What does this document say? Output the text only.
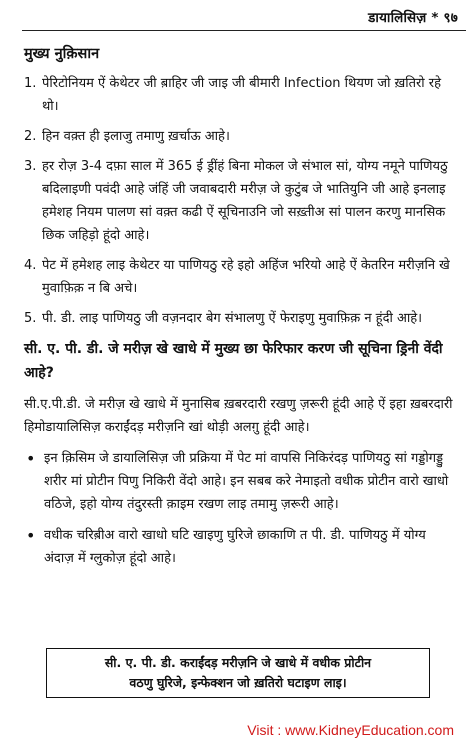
डायालिसिज़ * ९७
मुख्य नुक़िसान
1. पेरिटोनियम ऐं केथेटर जी ब़ाहिर जी जाइ जी बीमारी Infection थियण जो ख़तिरो रहे थो।
2. हिन वक़्त ही इलाजु तमाणु ख़र्चाऊ आहे।
3. हर रोज़ 3-4 दफ़ा साल में 365 ई ड्रींहं बिना मोकल जे संभाल सां, योग्य नमूने पाणियठु बदिलाइणी पवंदी आहे जंहिं जी जवाबदारी मरीज़ जे कुटुंब जे भातियुनि जी आहे इनलाइ हमेशह नियम पालण सां वक़्त कढी ऐं सूचिनाउनि जो सख़्तीअ सां पालन करणु मानसिक छिक जहिड़ो हूंदो आहे।
4. पेट में हमेशह लाइ केथेटर या पाणियठु रहे इहो अहिंज भरियो आहे ऐं केतरिन मरीज़नि खे मुवाफ़िक़ न बि अचे।
5. पी. डी. लाइ पाणियठु जी वज़नदार बेग संभालणु ऐं फेराइणु मुवाफ़िक़ न हूंदी आहे।
सी. ए. पी. डी. जे मरीज़ खे खाधे में मुख्य छा फेरिफार करण जी सूचिना ड्रिनी वेंदी आहे?

सी.ए.पी.डी. जे मरीज़ खे खाधे में मुनासिब ख़बरदारी रखणु ज़रूरी हूंदी आहे ऐं इहा ख़बरदारी हिमोडायालिसिज़ कराईंदड़ मरीज़नि खां थोड़ी अलग़ु हूंदी आहे।

• इन क़िसिम जे डायालिसिज़ जी प्रक्रिया में पेट मां वापसि निकिरंदड़ पाणियठु सां गड्डोगड्डु शरीर मां प्रोटीन पिणु निकिरी वेंदो आहे। इन सबब करे नेमाइतो वधीक प्रोटीन वारो खाधो वठिजे, इहो योग्य तंदुरस्ती क़ाइम रखण लाइ तमामु ज़रूरी आहे।
• वधीक चरिब़ीअ वारो खाधो घटि खाइणु घुरिजे छाकाणि त पी. डी. पाणियठु में योग्य अंदाज़ में ग्लुकोज़ हूंदो आहे।
सी. ए. पी. डी. कराईंदड़ मरीज़नि जे खाधे में वधीक प्रोटीन
वठणु घुरिजे, इन्फेक्शन जो ख़तिरो घटाइण लाइ।
Visit : www.KidneyEducation.com
